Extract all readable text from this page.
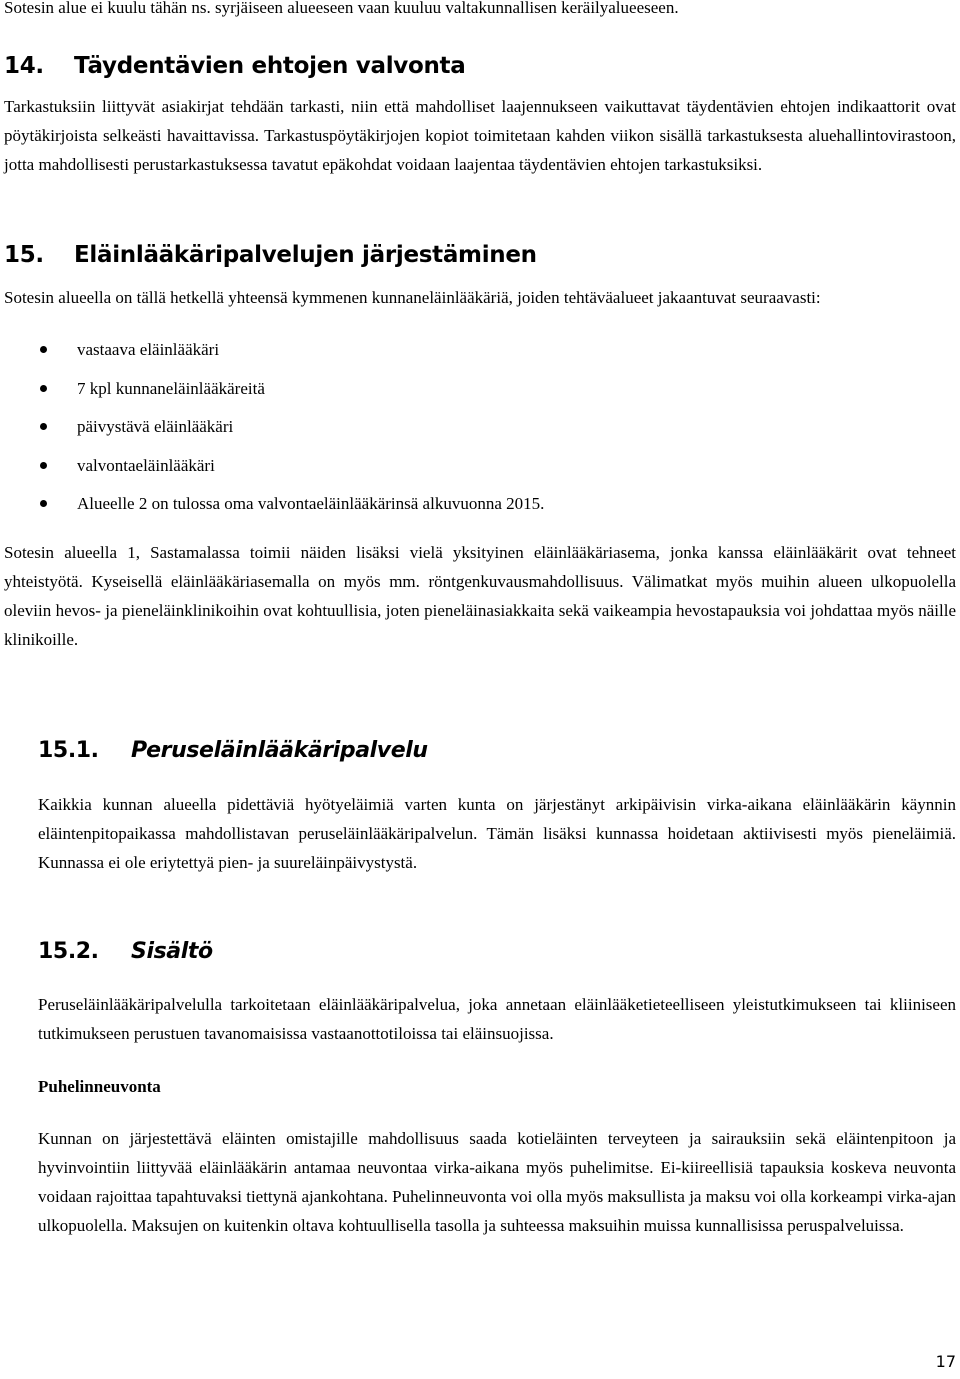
Sotesin alue ei kuulu tähän ns. syrjäiseen alueeseen vaan kuuluu valtakunnallisen keräilyalueeseen.

14. Täydentävien ehtojen valvonta

Tarkastuksiin liittyvät asiakirjat tehdään tarkasti, niin että mahdolliset laajennukseen vaikuttavat täydentävien ehtojen indikaattorit ovat pöytäkirjoista selkeästi havaittavissa. Tarkastuspöytäkirjojen kopiot toimitetaan kahden viikon sisällä tarkastuksesta aluehallintovirastoon, jotta mahdollisesti perustarkastuksessa tavatut epäkohdat voidaan laajentaa täydentävien ehtojen tarkastuksiksi.

15. Eläinlääkäripalvelujen järjestäminen

Sotesin alueella on tällä hetkellä yhteensä kymmenen kunnaneläinlääkäriä, joiden tehtäväalueet jakaantuvat seuraavasti:

vastaava eläinlääkäri
7 kpl kunnaneläinlääkäreitä
päivystävä eläinlääkäri
valvontaeläinlääkäri
Alueelle 2 on tulossa oma valvontaeläinlääkärinsä alkuvuonna 2015.

Sotesin alueella 1, Sastamalassa toimii näiden lisäksi vielä yksityinen eläinlääkäriasema, jonka kanssa eläinlääkärit ovat tehneet yhteistyötä. Kyseisellä eläinlääkäriasemalla on myös mm. röntgenkuvausmahdollisuus. Välimatkat myös muihin alueen ulkopuolella oleviin hevos- ja pieneläinklinikoihin ovat kohtuullisia, joten pieneläinasiakkaita sekä vaikeampia hevostapauksia voi johdattaa myös näille klinikoille.

15.1. Peruseläinlääkäripalvelu

Kaikkia kunnan alueella pidettäviä hyötyeläimiä varten kunta on järjestänyt arkipäivisin virka-aikana eläinlääkärin käynnin eläintenpitopaikassa mahdollistavan peruseläinlääkäripalvelun. Tämän lisäksi kunnassa hoidetaan aktiivisesti myös pieneläimiä. Kunnassa ei ole eriytettyä pien- ja suureläinpäivystystä.

15.2. Sisältö

Peruseläinlääkäripalvelulla tarkoitetaan eläinlääkäripalvelua, joka annetaan eläinlääketieteelliseen yleistutkimukseen tai kliiniseen tutkimukseen perustuen tavanomaisissa vastaanottotiloissa tai eläinsuojissa.

Puhelinneuvonta

Kunnan on järjestettävä eläinten omistajille mahdollisuus saada kotieläinten terveyteen ja sairauksiin sekä eläintenpitoon ja hyvinvointiin liittyvää eläinlääkärin antamaa neuvontaa virka-aikana myös puhelimitse. Ei-kiireellisiä tapauksia koskeva neuvonta voidaan rajoittaa tapahtuvaksi tiettynä ajankohtana. Puhelinneuvonta voi olla myös maksullista ja maksu voi olla korkeampi virka-ajan ulkopuolella. Maksujen on kuitenkin oltava kohtuullisella tasolla ja suhteessa maksuihin muissa kunnallisissa peruspalveluissa.

17
